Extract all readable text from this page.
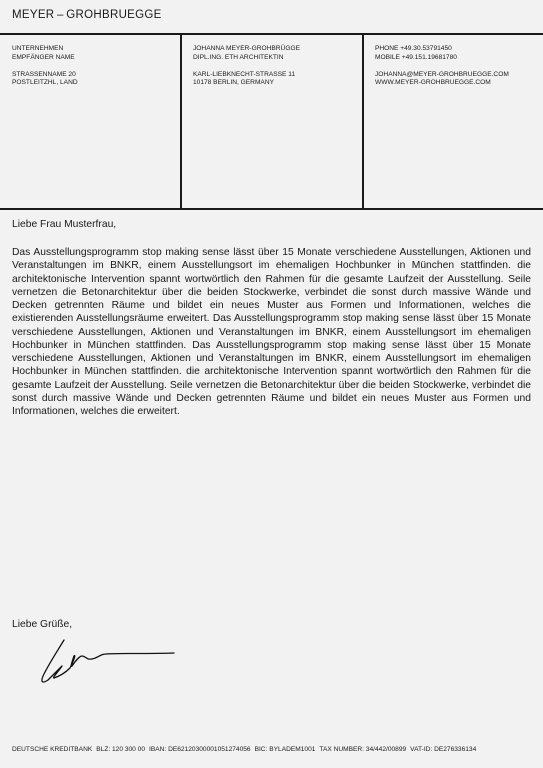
MEYER – GROHBRUEGGE
UNTERNEHMEN
EMPFÄNGER NAME
STRASSENNAME 20
POSTLEITZHL, LAND
JOHANNA MEYER-GROHBRÜGGE
DIPL.ING. ETH ARCHITEKTIN
KARL-LIEBKNECHT-STRASSE 11
10178 BERLIN, GERMANY
PHONE +49.30.53791450
MOBILE +49.151.19681780
JOHANNA@MEYER-GROHBRUEGGE.COM
WWW.MEYER-GROHBRUEGGE.COM
Liebe Frau Musterfrau,
Das Ausstellungsprogramm stop making sense lässt über 15 Monate verschiedene Ausstellungen, Aktionen und Veranstaltungen im BNKR, einem Ausstellungsort im ehemaligen Hochbunker in München stattfinden. die architektonische Intervention spannt wortwörtlich den Rahmen für die gesamte Laufzeit der Ausstellung. Seile vernetzen die Betonarchitektur über die beiden Stockwerke, verbindet die sonst durch massive Wände und Decken getrennten Räume und bildet ein neues Muster aus Formen und Informationen, welches die existierenden Ausstellungsräume erweitert. Das Ausstellungsprogramm stop making sense lässt über 15 Monate verschiedene Ausstellungen, Aktionen und Veranstaltungen im BNKR, einem Ausstellungsort im ehemaligen Hochbunker in München stattfinden. Das Ausstellungsprogramm stop making sense lässt über 15 Monate verschiedene Ausstellungen, Aktionen und Veranstaltungen im BNKR, einem Ausstellungsort im ehemaligen Hochbunker in München stattfinden. die architektonische Intervention spannt wortwörtlich den Rahmen für die gesamte Laufzeit der Ausstellung. Seile vernetzen die Betonarchitektur über die beiden Stockwerke, verbindet die sonst durch massive Wände und Decken getrennten Räume und bildet ein neues Muster aus Formen und Informationen, welches die erweitert.
Liebe Grüße,
DEUTSCHE KREDITBANK BLZ: 120 300 00 IBAN: DE62120300001051274056 BIC: BYLADEM1001 TAX NUMBER: 34/442/00899 VAT-ID: DE276336134
